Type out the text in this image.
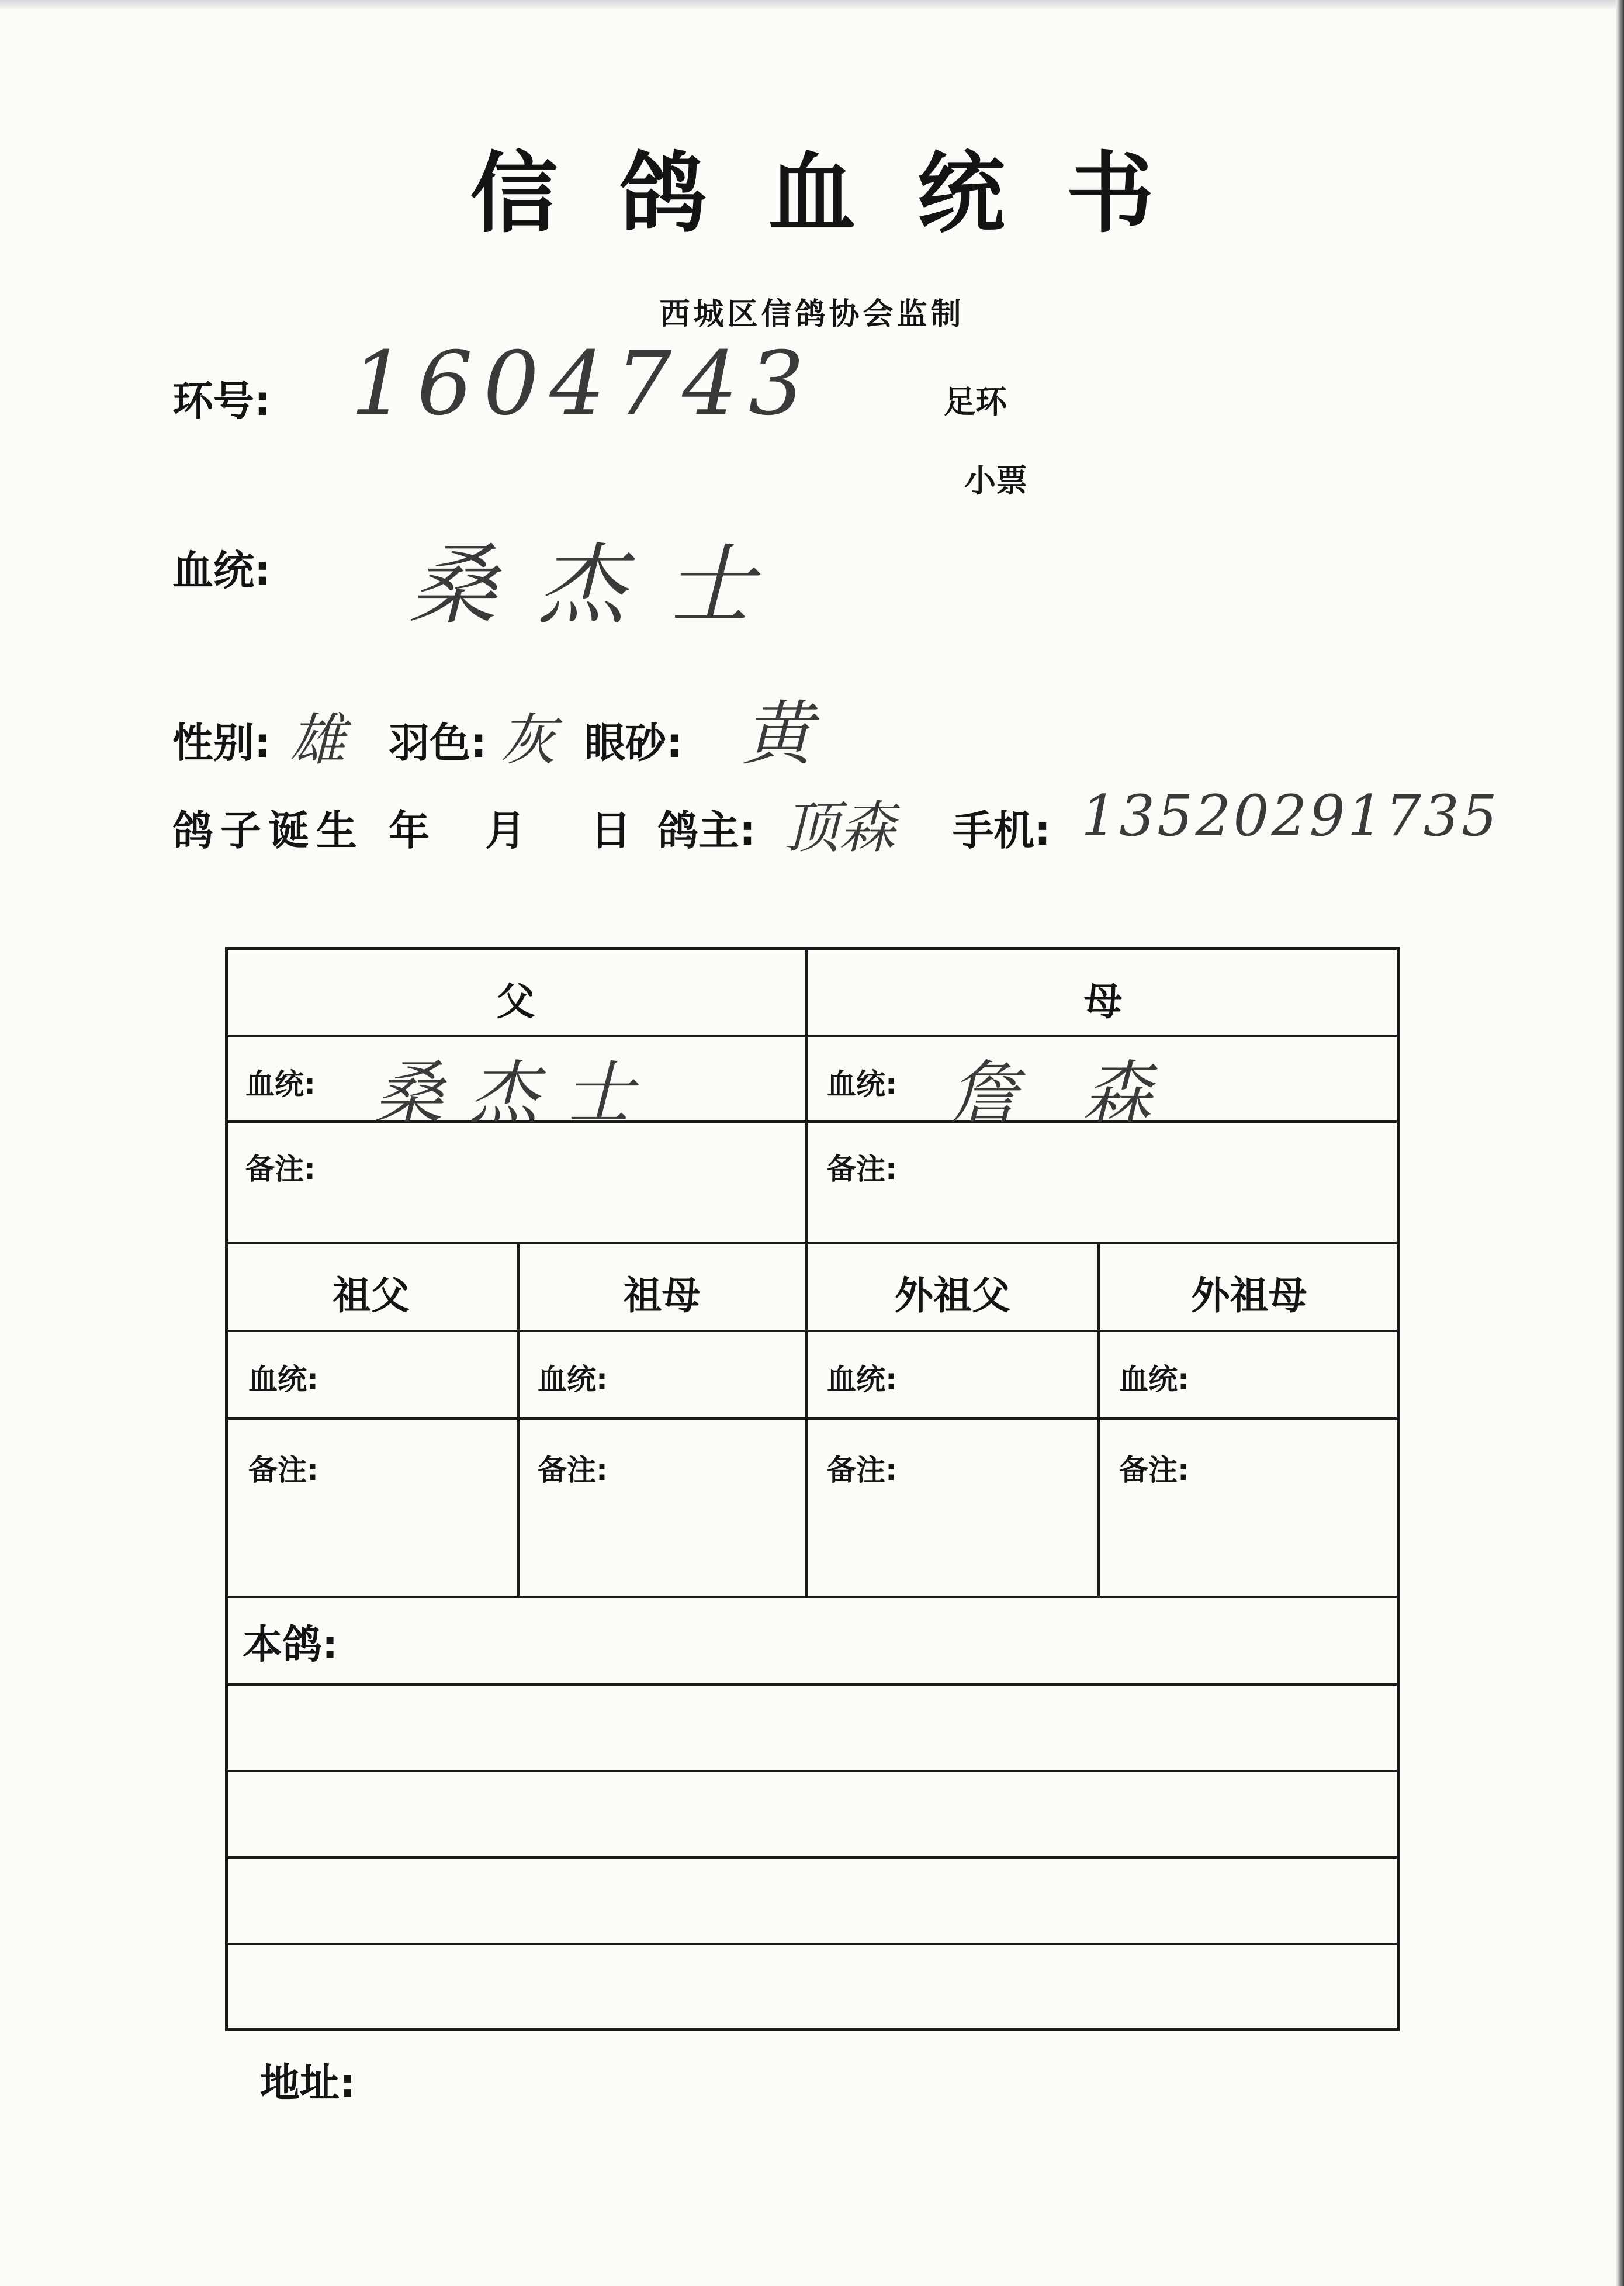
信鸽血统书
西城区信鸽协会监制
环号: 1604743	足环
小票
血统: 桑杰士
性别: 雄 羽色: 灰 眼砂: 黄
鸽子诞生 年 月 日 鸽主: 顶森 手机: 13520291735
父	母
血统: 桑杰士	血统: 詹森
备注:	备注:
祖父	祖母	外祖父	外祖母
血统:	血统:	血统:	血统:
备注:	备注:	备注:	备注:
本鸽:
地址:
